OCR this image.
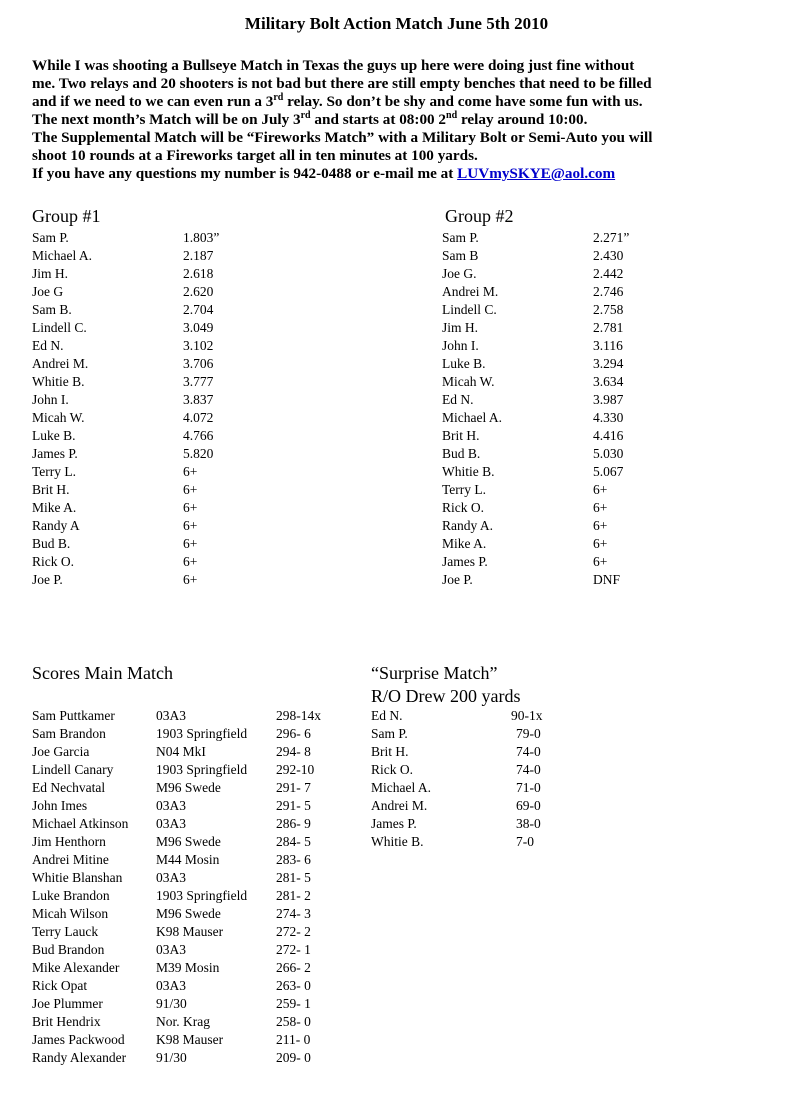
Military Bolt Action Match June 5th 2010

While I was shooting a Bullseye Match in Texas the guys up here were doing just fine without

me. Two relays and 20 shooters is not bad but there are still empty benches that need to be filled

and if we need to we can even run a 3rd relay. So don’t be shy and come have some fun with us.

The next month’s Match will be on July 3rd and starts at 08:00 2nd relay around 10:00.

The Supplemental Match will be “Fireworks Match” with a Military Bolt or Semi-Auto you will

shoot 10 rounds at a Fireworks target all in ten minutes at 100 yards.

If you have any questions my number is 942-0488 or e-mail me at LUVmySKYE@aol.com

Group #1
Sam P.	1.803”
Michael A.	2.187
Jim H.	2.618
Joe G	2.620
Sam B.	2.704
Lindell C.	3.049
Ed N.	3.102
Andrei M.	3.706
Whitie B.	3.777
John I.	3.837
Micah W.	4.072
Luke B.	4.766
James P.	5.820
Terry L.	6+
Brit H.	6+
Mike A.	6+
Randy A	6+
Bud B.	6+
Rick O.	6+
Joe P.	6+
Group #2
Sam P.	2.271”
Sam B	2.430
Joe G.	2.442
Andrei M.	2.746
Lindell C.	2.758
Jim H.	2.781
John I.	3.116
Luke B.	3.294
Micah W.	3.634
Ed N.	3.987
Michael A.	4.330
Brit H.	4.416
Bud B.	5.030
Whitie B.	5.067
Terry L.	6+
Rick O.	6+
Randy A.	6+
Mike A.	6+
James P.	6+
Joe P.	DNF
Scores Main Match
Sam Puttkamer	03A3	298-14x
Sam Brandon	1903 Springfield 296- 6
Joe Garcia	N04 MkI	294- 8
Lindell Canary	1903 Springfield 292-10
Ed Nechvatal	M96 Swede	291- 7
John Imes	03A3	291- 5
Michael Atkinson 03A3	286- 9
Jim Henthorn	M96 Swede	284- 5
Andrei Mitine	M44 Mosin	283- 6
Whitie Blanshan 03A3	281- 5
Luke Brandon	1903 Springfield 281- 2
Micah Wilson	M96 Swede	274- 3
Terry Lauck	K98 Mauser	272- 2
Bud Brandon	03A3	272- 1
Mike Alexander	M39 Mosin	266- 2
Rick Opat	03A3	263- 0
Joe Plummer	91/30	259- 1
Brit Hendrix	Nor. Krag	258- 0
James Packwood K98 Mauser	211- 0
Randy Alexander 91/30	209- 0
“Surprise Match”
R/O Drew 200 yards
Ed N.	90-1x
Sam P.	79-0
Brit H.	74-0
Rick O.	74-0
Michael A.	71-0
Andrei M.	69-0
James P.	38-0
Whitie B.	7-0
